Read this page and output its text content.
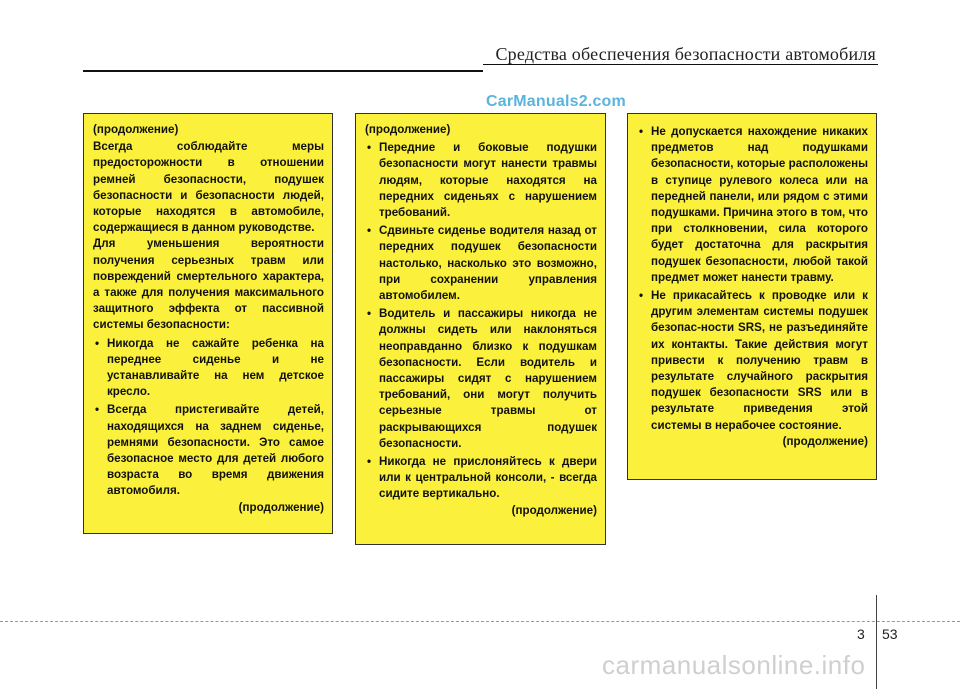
Средства обеспечения безопасности автомобиля
CarManuals2.com

(продолжение)

Всегда соблюдайте меры предосторожности в отношении ремней безопасности, подушек безопасности и безопасности людей, которые находятся в автомобиле, содержащиеся в данном руководстве.

Для уменьшения вероятности получения серьезных травм или повреждений смертельного характера, а также для получения максимального защитного эффекта от пассивной системы безопасности:

• Никогда не сажайте ребенка на переднее сиденье и не устанавливайте на нем детское кресло.
• Всегда пристегивайте детей, находящихся на заднем сиденье, ремнями безопасности. Это самое безопасное место для детей любого возраста во время движения автомобиля.

(продолжение)

(продолжение)

• Передние и боковые подушки безопасности могут нанести травмы людям, которые находятся на передних сиденьях с нарушением требований.
• Сдвиньте сиденье водителя назад от передних подушек безопасности настолько, насколько это возможно, при сохранении управления автомобилем.
• Водитель и пассажиры никогда не должны сидеть или наклоняться неоправданно близко к подушкам безопасности. Если водитель и пассажиры сидят с нарушением требований, они могут получить серьезные травмы от раскрывающихся подушек безопасности.
• Никогда не прислоняйтесь к двери или к центральной консоли, - всегда сидите вертикально.

(продолжение)

• Не допускается нахождение никаких предметов над подушками безопасности, которые расположены в ступице рулевого колеса или на передней панели, или рядом с этими подушками. Причина этого в том, что при столкновении, сила которого будет достаточна для раскрытия подушек безопасности, любой такой предмет может нанести травму.
• Не прикасайтесь к проводке или к другим элементам системы подушек безопас-ности SRS, не разъединяйте их контакты. Такие действия могут привести к получению травм в результате случайного раскрытия подушек безопасности SRS или в результате приведения этой системы в нерабочее состояние.

(продолжение)

3 53
carmanualsonline.info
